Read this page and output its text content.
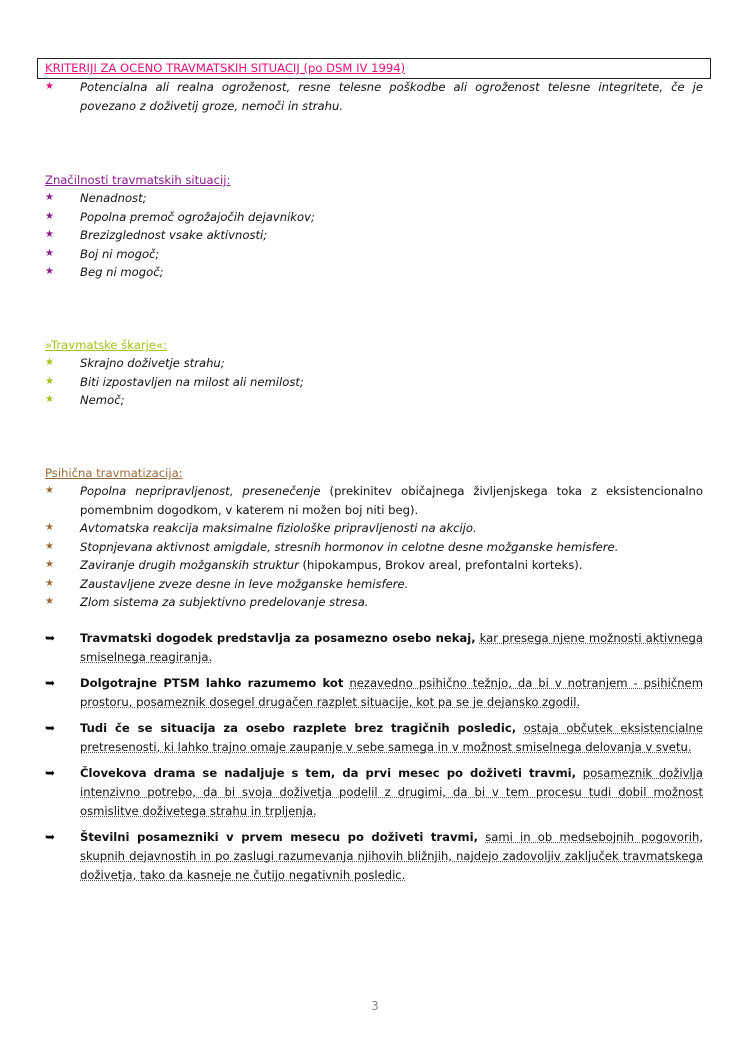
KRITERIJI ZA OCENO TRAVMATSKIH SITUACIJ (po DSM IV 1994)
★ Potencialna ali realna ogroženost, resne telesne poškodbe ali ogroženost telesne integritete, če je povezano z doživetij groze, nemoči in strahu.
Značilnosti travmatskih situacij:
★ Nenadnost;
★ Popolna premoč ogrožajočih dejavnikov;
★ Brezizglednost vsake aktivnosti;
★ Boj ni mogoč;
★ Beg ni mogoč;
»Travmatske škarje«:
★ Skrajno doživetje strahu;
★ Biti izpostavljen na milost ali nemilost;
★ Nemoč;
Psihična travmatizacija:
★ Popolna nepripravljenost, presenečenje (prekinitev običajnega življenjskega toka z eksistencionalno pomembnim dogodkom, v katerem ni možen boj niti beg).
★ Avtomatska reakcija maksimalne fiziološke pripravljenosti na akcijo.
★ Stopnjevana aktivnost amigdale, stresnih hormonov in celotne desne možganske hemisfere.
★ Zaviranje drugih možganskih struktur (hipokampus, Brokov areal, prefontalni korteks).
★ Zaustavljene zveze desne in leve možganske hemisfere.
★ Zlom sistema za subjektivno predelovanje stresa.
➥ Travmatski dogodek predstavlja za posamezno osebo nekaj, kar presega njene možnosti aktivnega smiselnega reagiranja.
➥ Dolgotrajne PTSM lahko razumemo kot nezavedno psihično težnjo, da bi v notranjem - psihičnem prostoru, posameznik dosegel drugačen razplet situacije, kot pa se je dejansko zgodil.
➥ Tudi če se situacija za osebo razplete brez tragičnih posledic, ostaja občutek eksistencialne pretresenosti, ki lahko trajno omaje zaupanje v sebe samega in v možnost smiselnega delovanja v svetu.
➥ Človekova drama se nadaljuje s tem, da prvi mesec po doživeti travmi, posameznik doživlja intenzivno potrebo, da bi svoja doživetja podelil z drugimi, da bi v tem procesu tudi dobil možnost osmislitve doživetega strahu in trpljenja.
➥ Številni posamezniki v prvem mesecu po doživeti travmi, sami in ob medsebojnih pogovorih, skupnih dejavnostih in po zaslugi razumevanja njihovih bližnjih, najdejo zadovoljiv zaključek travmatskega doživetja, tako da kasneje ne čutijo negativnih posledic.
3
